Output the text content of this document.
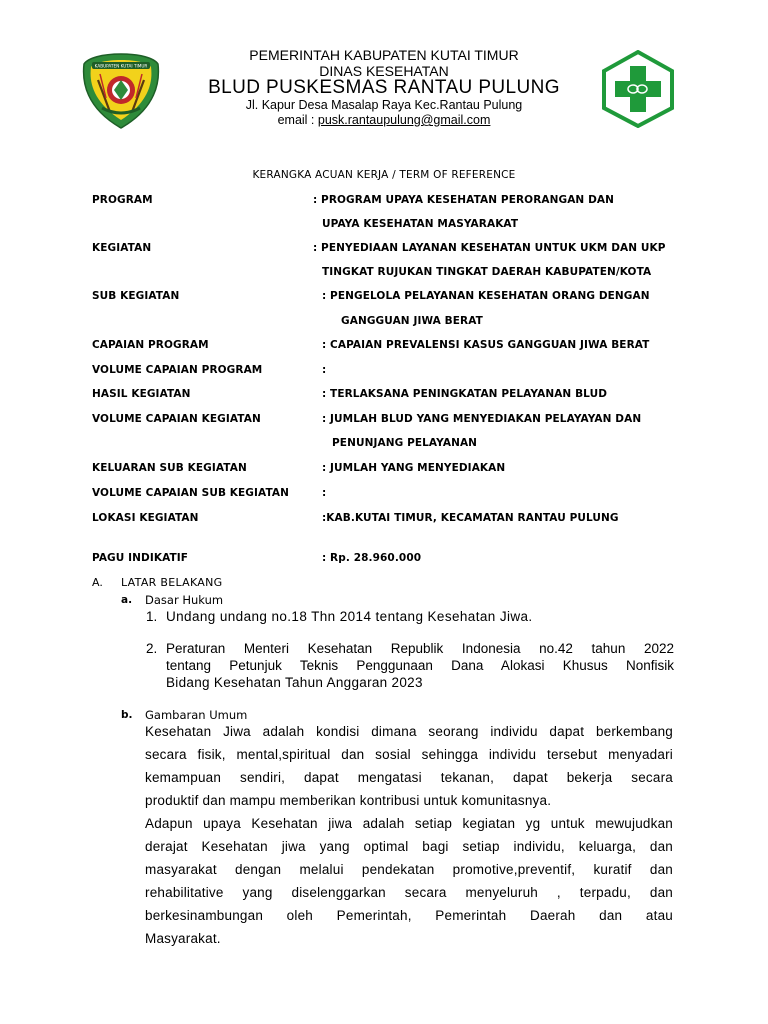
KABUPATEN KUTAI TIMUR
PEMERINTAH KABUPATEN KUTAI TIMUR
DINAS KESEHATAN
BLUD PUSKESMAS RANTAU PULUNG
Jl. Kapur Desa Masalap Raya Kec.Rantau Pulung
email : pusk.rantaupulung@gmail.com
KERANGKA ACUAN KERJA / TERM OF REFERENCE
PROGRAM	: PROGRAM UPAYA KESEHATAN PERORANGAN DAN
UPAYA KESEHATAN MASYARAKAT
KEGIATAN	: PENYEDIAAN LAYANAN KESEHATAN UNTUK UKM DAN UKP
TINGKAT RUJUKAN TINGKAT DAERAH KABUPATEN/KOTA
SUB KEGIATAN	: PENGELOLA PELAYANAN KESEHATAN ORANG DENGAN
GANGGUAN JIWA BERAT
CAPAIAN PROGRAM	: CAPAIAN PREVALENSI KASUS GANGGUAN JIWA BERAT
VOLUME CAPAIAN PROGRAM	:
HASIL KEGIATAN	: TERLAKSANA PENINGKATAN PELAYANAN BLUD
VOLUME CAPAIAN KEGIATAN	: JUMLAH BLUD YANG MENYEDIAKAN PELAYAYAN DAN
PENUNJANG PELAYANAN
KELUARAN SUB KEGIATAN	: JUMLAH YANG MENYEDIAKAN
VOLUME CAPAIAN SUB KEGIATAN	:
LOKASI KEGIATAN	:KAB.KUTAI TIMUR, KECAMATAN RANTAU PULUNG
PAGU INDIKATIF	: Rp. 28.960.000
A. LATAR BELAKANG
a. Dasar Hukum
1. Undang undang no.18 Thn 2014 tentang Kesehatan Jiwa.
2. Peraturan Menteri Kesehatan Republik Indonesia no.42 tahun 2022
tentang Petunjuk Teknis Penggunaan Dana Alokasi Khusus Nonfisik
Bidang Kesehatan Tahun Anggaran 2023
b. Gambaran Umum
Kesehatan Jiwa adalah kondisi dimana seorang individu dapat berkembang
secara fisik, mental,spiritual dan sosial sehingga individu tersebut menyadari
kemampuan sendiri, dapat mengatasi tekanan, dapat bekerja secara
produktif dan mampu memberikan kontribusi untuk komunitasnya.
Adapun upaya Kesehatan jiwa adalah setiap kegiatan yg untuk mewujudkan
derajat Kesehatan jiwa yang optimal bagi setiap individu, keluarga, dan
masyarakat dengan melalui pendekatan promotive,preventif, kuratif dan
rehabilitative yang diselenggarkan secara menyeluruh , terpadu, dan
berkesinambungan oleh Pemerintah, Pemerintah Daerah dan atau
Masyarakat.
